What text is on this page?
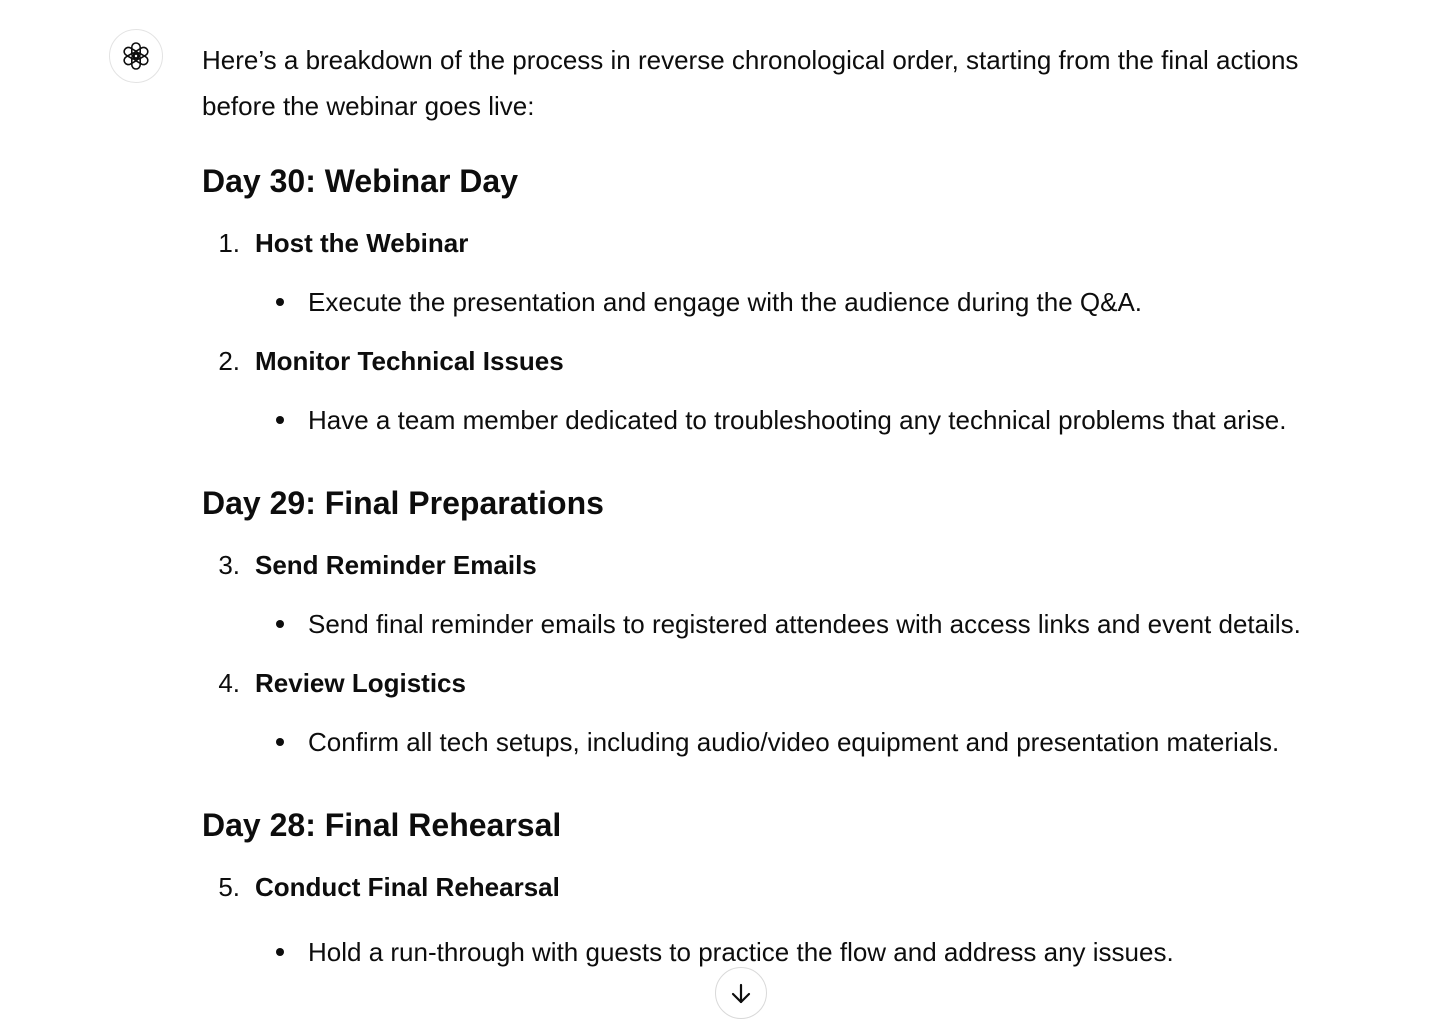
Here’s a breakdown of the process in reverse chronological order, starting from the final actions before the webinar goes live:

Day 30: Webinar Day
1. Host the Webinar
Execute the presentation and engage with the audience during the Q&A.
2. Monitor Technical Issues
Have a team member dedicated to troubleshooting any technical problems that arise.
Day 29: Final Preparations
3. Send Reminder Emails
Send final reminder emails to registered attendees with access links and event details.
4. Review Logistics
Confirm all tech setups, including audio/video equipment and presentation materials.
Day 28: Final Rehearsal
5. Conduct Final Rehearsal
Hold a run-through with guests to practice the flow and address any issues.
